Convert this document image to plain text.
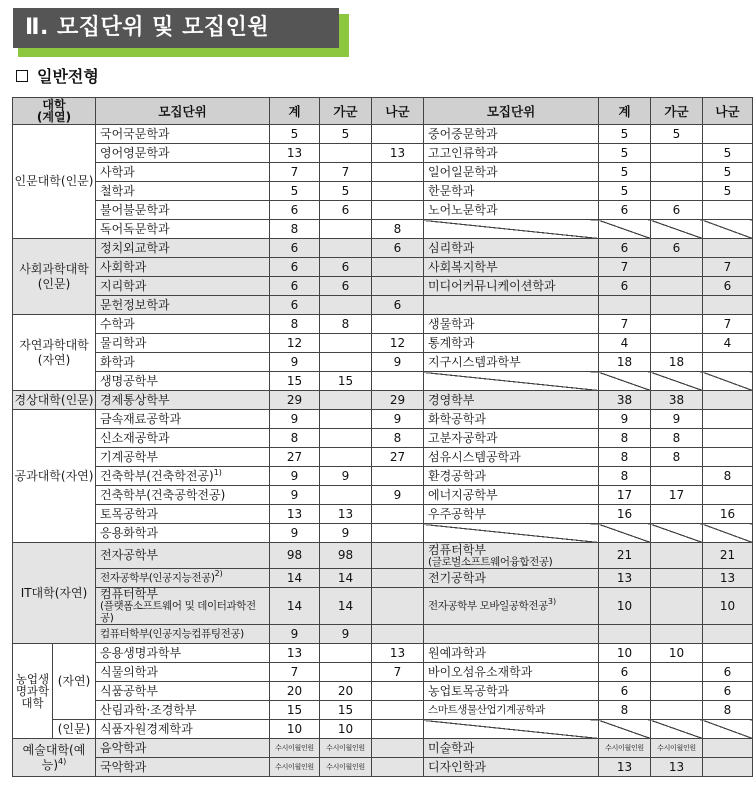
Ⅱ. 모집단위 및 모집인원
일반전형
대학
(계열)		모집단위	계	가군	나군	모집단위	계	가군	나군
인문대학(인문)		국어국문학과	5	5		중어중문학과	5	5	
		영어영문학과	13		13	고고인류학과	5		5
		사학과	7	7		일어일문학과	5		5
		철학과	5	5		한문학과	5		5
		불어불문학과	6	6		노어노문학과	6	6	
		독어독문학과	8		8				
사회과학대학(인문)		정치외교학과	6		6	심리학과	6	6	
		사회학과	6	6		사회복지학부	7		7
		지리학과	6	6		미디어커뮤니케이션학과	6		6
		문헌정보학과	6		6				
자연과학대학(자연)		수학과	8	8		생물학과	7		7
		물리학과	12		12	통계학과	4		4
		화학과	9		9	지구시스템과학부	18	18	
		생명공학부	15	15					
경상대학(인문)		경제통상학부	29		29	경영학부	38	38	
공과대학(자연)		금속재료공학과	9		9	화학공학과	9	9	
		신소재공학과	8		8	고분자공학과	8	8	
		기계공학부	27		27	섬유시스템공학과	8	8	
		건축학부(건축학전공)$^{1)}$	9	9		환경공학과	8		8
		건축학부(건축공학전공)	9		9	에너지공학부	17	17	
		토목공학과	13	13		우주공학부	16		16
		응용화학과	9	9					
IT대학(자연)		전자공학부	98	98		컴퓨터학부
(글로벌소프트웨어융합전공)	21		21
		전자공학부(인공지능전공)$^{2)}$	14	14		전기공학과	13		13

		컴퓨터학부
(플랫폼소프트웨어 및 데이터과학전공)	14	14		전자공학부 모바일공학전공$^{3)}$	10		10
		컴퓨터학부(인공지능컴퓨팅전공)	9	9					
농업생명과학대학	(자연)	응용생명과학부	13		13	원예과학과	10	10	
		식물의학과	7		7	바이오섬유소재학과	6		6
		식품공학부	20	20		농업토목공학과	6		6
		산림과학·조경학부	15	15		스마트생물산업기계공학과	8		8
	(인문)	식품자원경제학과	10	10					
예술대학(예능)$^{4)}$		음악학과	수시이월인원	수시이월인원		미술학과	수시이월인원	수시이월인원	
		국악학과	수시이월인원	수시이월인원		디자인학과	13	13	
